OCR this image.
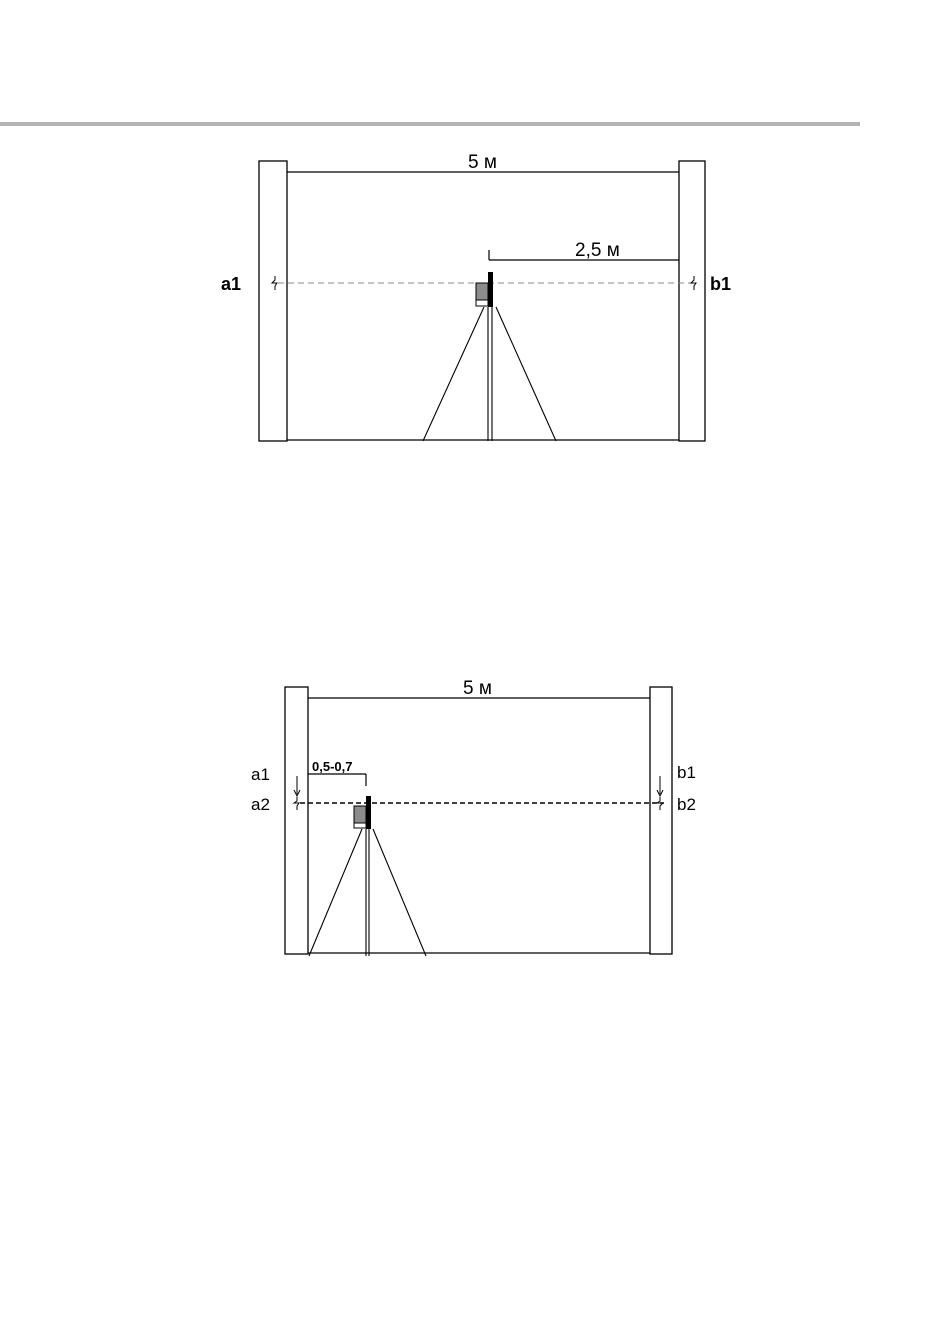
5 м
2,5 м
a1	b1
5 м
0,5-0,7
a1
a2
b1
b2
